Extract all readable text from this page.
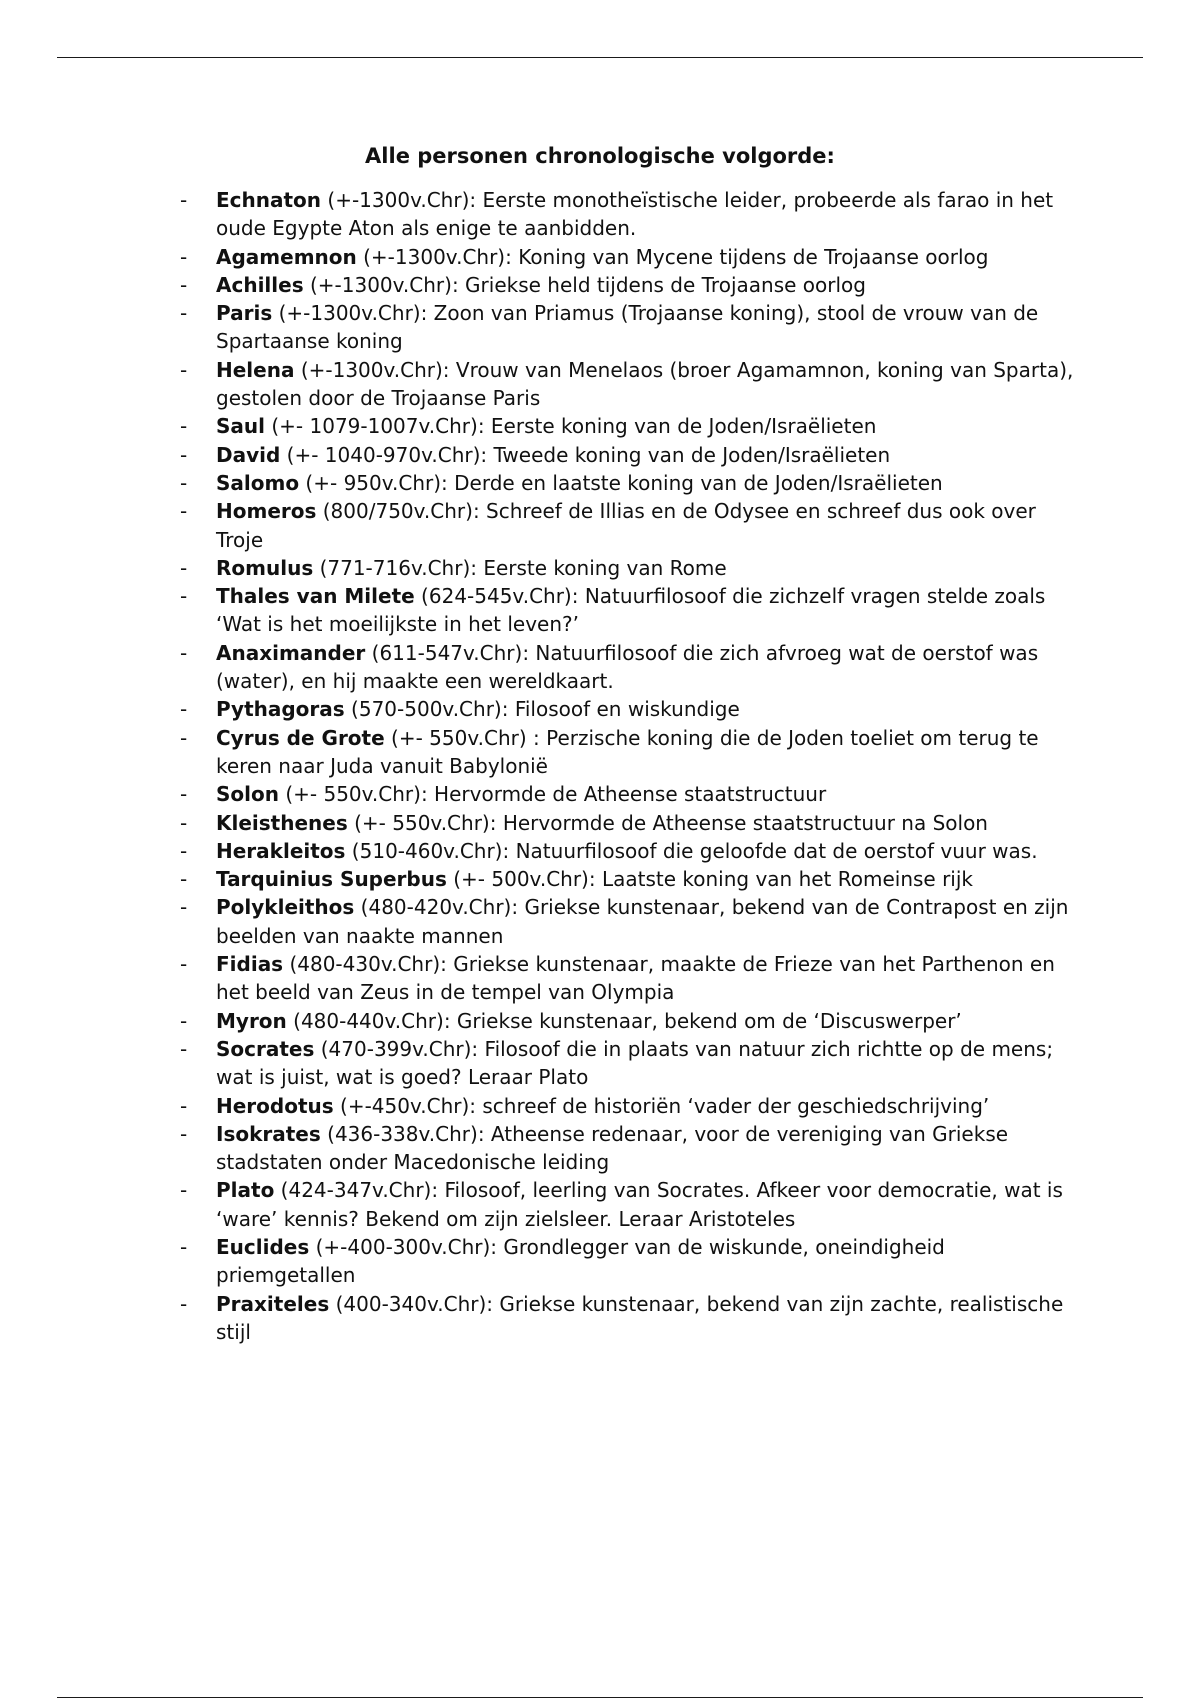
Alle personen chronologische volgorde:
-	Echnaton (+-1300v.Chr): Eerste monotheïstische leider, probeerde als farao in het oude Egypte Aton als enige te aanbidden.
-	Agamemnon (+-1300v.Chr): Koning van Mycene tijdens de Trojaanse oorlog
-	Achilles (+-1300v.Chr): Griekse held tijdens de Trojaanse oorlog
-	Paris (+-1300v.Chr): Zoon van Priamus (Trojaanse koning), stool de vrouw van de Spartaanse koning
-	Helena (+-1300v.Chr): Vrouw van Menelaos (broer Agamamnon, koning van Sparta), gestolen door de Trojaanse Paris
-	Saul (+- 1079-1007v.Chr): Eerste koning van de Joden/Israëlieten
-	David (+- 1040-970v.Chr): Tweede koning van de Joden/Israëlieten
-	Salomo (+- 950v.Chr): Derde en laatste koning van de Joden/Israëlieten
-	Homeros (800/750v.Chr): Schreef de Illias en de Odysee en schreef dus ook over Troje
-	Romulus (771-716v.Chr): Eerste koning van Rome
-	Thales van Milete (624-545v.Chr): Natuurfilosoof die zichzelf vragen stelde zoals ‘Wat is het moeilijkste in het leven?’
-	Anaximander (611-547v.Chr): Natuurfilosoof die zich afvroeg wat de oerstof was (water), en hij maakte een wereldkaart.
-	Pythagoras (570-500v.Chr): Filosoof en wiskundige
-	Cyrus de Grote (+- 550v.Chr) : Perzische koning die de Joden toeliet om terug te keren naar Juda vanuit Babylonië
-	Solon (+- 550v.Chr): Hervormde de Atheense staatstructuur
-	Kleisthenes (+- 550v.Chr): Hervormde de Atheense staatstructuur na Solon
-	Herakleitos (510-460v.Chr): Natuurfilosoof die geloofde dat de oerstof vuur was.
-	Tarquinius Superbus (+- 500v.Chr): Laatste koning van het Romeinse rijk
-	Polykleithos (480-420v.Chr): Griekse kunstenaar, bekend van de Contrapost en zijn beelden van naakte mannen
-	Fidias (480-430v.Chr): Griekse kunstenaar, maakte de Frieze van het Parthenon en het beeld van Zeus in de tempel van Olympia
-	Myron (480-440v.Chr): Griekse kunstenaar, bekend om de ‘Discuswerper’
-	Socrates (470-399v.Chr): Filosoof die in plaats van natuur zich richtte op de mens; wat is juist, wat is goed? Leraar Plato
-	Herodotus (+-450v.Chr): schreef de historiën ‘vader der geschiedschrijving’
-	Isokrates (436-338v.Chr): Atheense redenaar, voor de vereniging van Griekse stadstaten onder Macedonische leiding
-	Plato (424-347v.Chr): Filosoof, leerling van Socrates. Afkeer voor democratie, wat is ‘ware’ kennis? Bekend om zijn zielsleer. Leraar Aristoteles
-	Euclides (+-400-300v.Chr): Grondlegger van de wiskunde, oneindigheid priemgetallen
-	Praxiteles (400-340v.Chr): Griekse kunstenaar, bekend van zijn zachte, realistische stijl
